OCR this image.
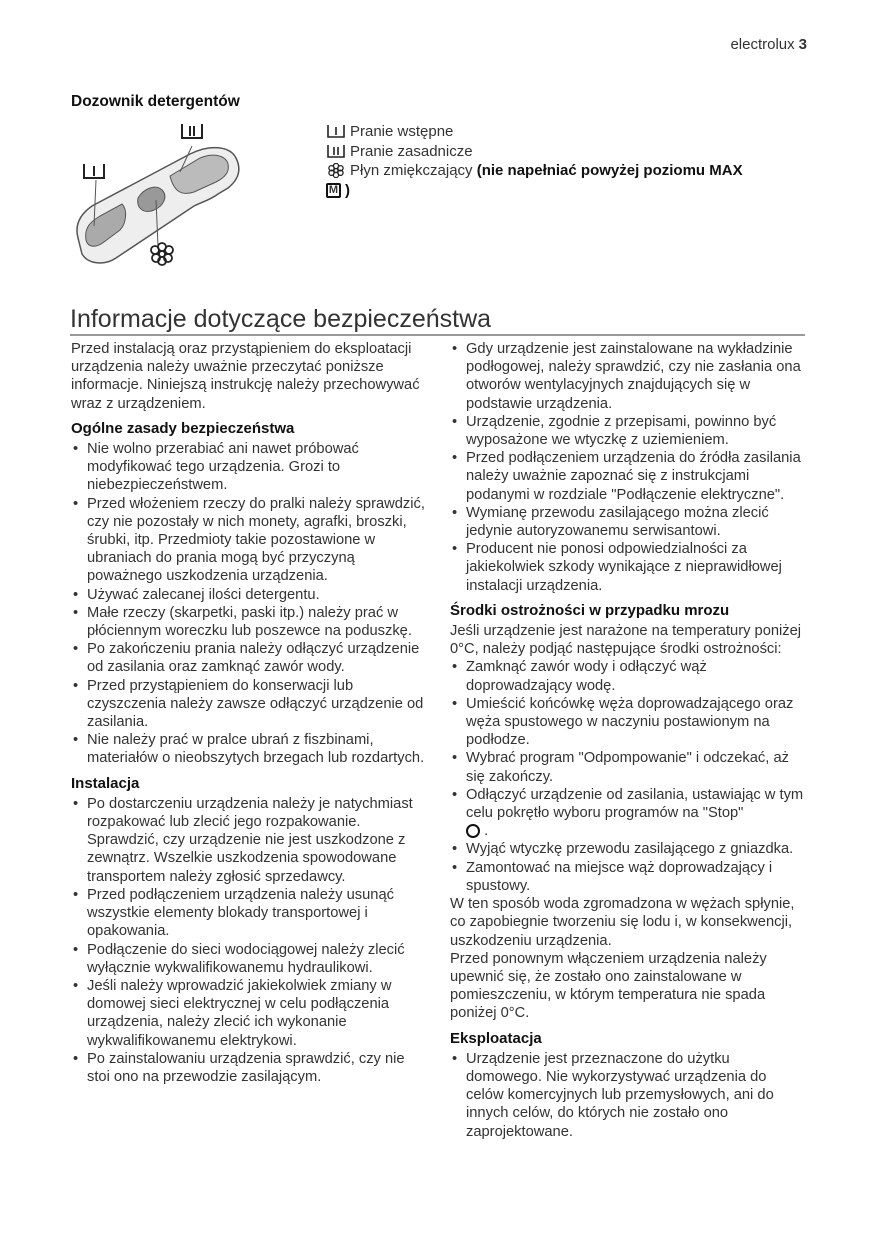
electrolux 3
Dozownik detergentów
Pranie wstępne
Pranie zasadnicze
Płyn zmiękczający
(nie napełniać powyżej poziomu MAX
M )
Informacje dotyczące bezpieczeństwa

Przed instalacją oraz przystąpieniem do eksploatacji urządzenia należy uważnie przeczytać poniższe informacje. Niniejszą instrukcję należy przechowywać wraz z urządzeniem.

Ogólne zasady bezpieczeństwa
• Nie wolno przerabiać ani nawet próbować modyfikować tego urządzenia. Grozi to niebezpieczeństwem.
• Przed włożeniem rzeczy do pralki należy sprawdzić, czy nie pozostały w nich monety, agrafki, broszki, śrubki, itp. Przedmioty takie pozostawione w ubraniach do prania mogą być przyczyną poważnego uszkodzenia urządzenia.
• Używać zalecanej ilości detergentu.
• Małe rzeczy (skarpetki, paski itp.) należy prać w płóciennym woreczku lub poszewce na poduszkę.
• Po zakończeniu prania należy odłączyć urządzenie od zasilania oraz zamknąć zawór wody.
• Przed przystąpieniem do konserwacji lub czyszczenia należy zawsze odłączyć urządzenie od zasilania.
• Nie należy prać w pralce ubrań z fiszbinami, materiałów o nieobszytych brzegach lub rozdartych.
Instalacja
• Po dostarczeniu urządzenia należy je natychmiast rozpakować lub zlecić jego rozpakowanie. Sprawdzić, czy urządzenie nie jest uszkodzone z zewnątrz. Wszelkie uszkodzenia spowodowane transportem należy zgłosić sprzedawcy.
• Przed podłączeniem urządzenia należy usunąć wszystkie elementy blokady transportowej i opakowania.
• Podłączenie do sieci wodociągowej należy zlecić wyłącznie wykwalifikowanemu hydraulikowi.
• Jeśli należy wprowadzić jakiekolwiek zmiany w domowej sieci elektrycznej w celu podłączenia urządzenia, należy zlecić ich wykonanie wykwalifikowanemu elektrykowi.
• Po zainstalowaniu urządzenia sprawdzić, czy nie stoi ono na przewodzie zasilającym.
• Gdy urządzenie jest zainstalowane na wykładzinie podłogowej, należy sprawdzić, czy nie zasłania ona otworów wentylacyjnych znajdujących się w podstawie urządzenia.
• Urządzenie, zgodnie z przepisami, powinno być wyposażone we wtyczkę z uziemieniem.
• Przed podłączeniem urządzenia do źródła zasilania należy uważnie zapoznać się z instrukcjami podanymi w rozdziale "Podłączenie elektryczne".
• Wymianę przewodu zasilającego można zlecić jedynie autoryzowanemu serwisantowi.
• Producent nie ponosi odpowiedzialności za jakiekolwiek szkody wynikające z nieprawidłowej instalacji urządzenia.
Środki ostrożności w przypadku mrozu

Jeśli urządzenie jest narażone na temperatury poniżej 0°C, należy podjąć następujące środki ostrożności:

• Zamknąć zawór wody i odłączyć wąż doprowadzający wodę.
• Umieścić końcówkę węża doprowadzającego oraz węża spustowego w naczyniu postawionym na podłodze.
• Wybrać program "Odpompowanie" i odczekać, aż się zakończy.
• Odłączyć urządzenie od zasilania, ustawiając w tym celu pokrętło wyboru programów na "Stop"
.
• Wyjąć wtyczkę przewodu zasilającego z gniazdka.
• Zamontować na miejsce wąż doprowadzający i spustowy.

W ten sposób woda zgromadzona w wężach spłynie, co zapobiegnie tworzeniu się lodu i, w konsekwencji, uszkodzeniu urządzenia.

Przed ponownym włączeniem urządzenia należy upewnić się, że zostało ono zainstalowane w pomieszczeniu, w którym temperatura nie spada poniżej 0°C.

Eksploatacja
• Urządzenie jest przeznaczone do użytku domowego. Nie wykorzystywać urządzenia do celów komercyjnych lub przemysłowych, ani do innych celów, do których nie zostało ono zaprojektowane.
